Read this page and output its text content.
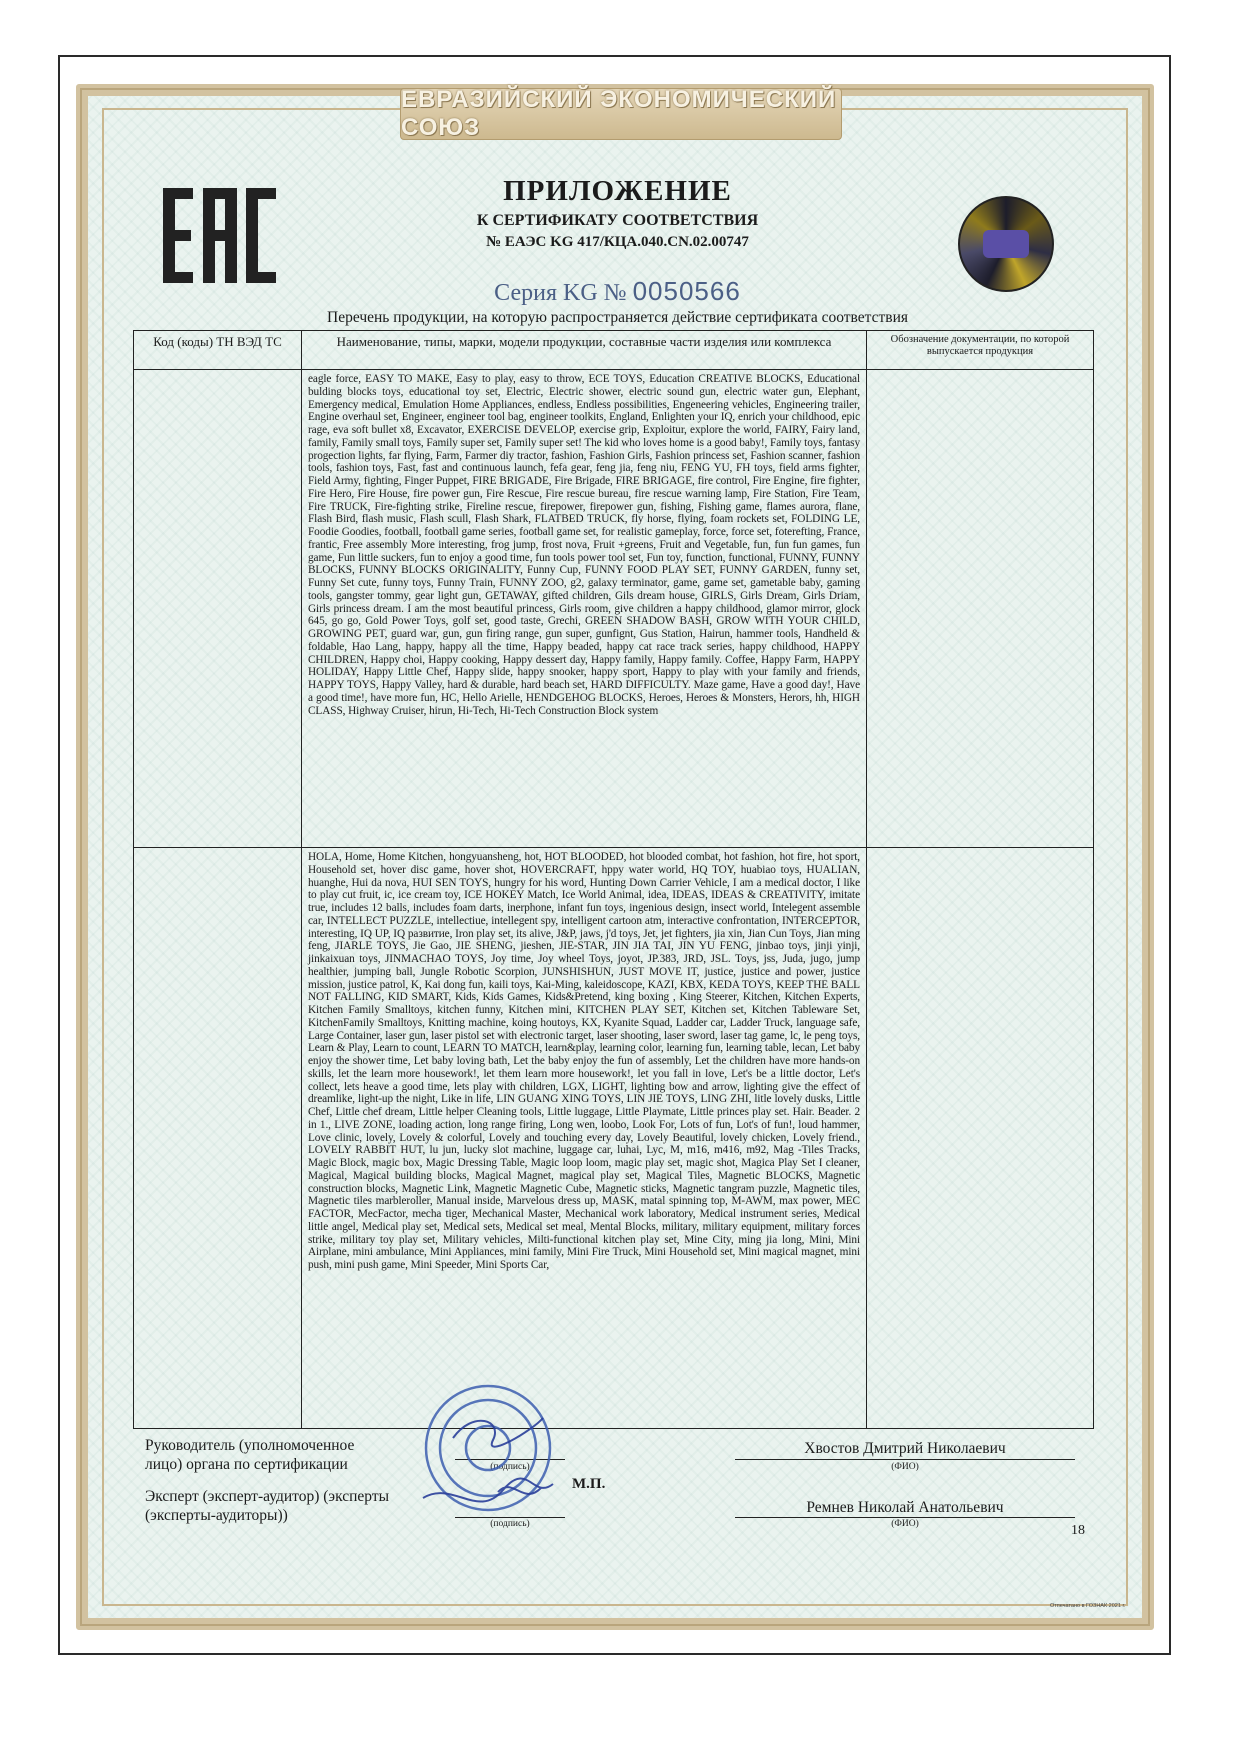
ЕВРАЗИЙСКИЙ ЭКОНОМИЧЕСКИЙ СОЮЗ
ПРИЛОЖЕНИЕ
К СЕРТИФИКАТУ СООТВЕТСТВИЯ
№ ЕАЭС KG 417/КЦА.040.CN.02.00747
Серия KG № 0050566
Перечень продукции, на которую распространяется действие сертификата соответствия
Код (коды) ТН ВЭД ТС	Наименование, типы, марки, модели продукции, составные части изделия или комплекса	Обозначение документации, по которой выпускается продукция
	eagle force, EASY TO MAKE, Easy to play, easy to throw, ECE TOYS, Education CREATIVE BLOCKS, Educational bulding blocks toys, educational toy set, Electric, Electric shower, electric sound gun, electric water gun, Elephant, Emergency medical, Emulation Home Appliances, endless, Endless possibilities, Engeneering vehicles, Engineering trailer, Engine overhaul set, Engineer, engineer tool bag, engineer toolkits, England, Enlighten your IQ, enrich your childhood, epic rage, eva soft bullet x8, Excavator, EXERCISE DEVELOP, exercise grip, Exploitur, explore the world, FAIRY, Fairy land, family, Family small toys, Family super set, Family super set! The kid who loves home is a good baby!, Family toys, fantasy progection lights, far flying, Farm, Farmer diy tractor, fashion, Fashion Girls, Fashion princess set, Fashion scanner, fashion tools, fashion toys, Fast, fast and continuous launch, fefa gear, feng jia, feng niu, FENG YU, FH toys, field arms fighter, Field Army, fighting, Finger Puppet, FIRE BRIGADE, Fire Brigade, FIRE BRIGAGE, fire control, Fire Engine, fire fighter, Fire Hero, Fire House, fire power gun, Fire Rescue, Fire rescue bureau, fire rescue warning lamp, Fire Station, Fire Team, Fire TRUCK, Fire-fighting strike, Fireline rescue, firepower, firepower gun, fishing, Fishing game, flames aurora, flane, Flash Bird, flash music, Flash scull, Flash Shark, FLATBED TRUCK, fly horse, flying, foam rockets set, FOLDING LE, Foodie Goodies, football, football game series, football game set, for realistic gameplay, force, force set, foterefting, France, frantic, Free assembly More interesting, frog jump, frost nova, Fruit +greens, Fruit and Vegetable, fun, fun fun games, fun game, Fun little suckers, fun to enjoy a good time, fun tools power tool set, Fun toy, function, functional, FUNNY, FUNNY BLOCKS, FUNNY BLOCKS ORIGINALITY, Funny Cup, FUNNY FOOD PLAY SET, FUNNY GARDEN, funny set, Funny Set cute, funny toys, Funny Train, FUNNY ZOO, g2, galaxy terminator, game, game set, gametable baby, gaming tools, gangster tommy, gear light gun, GETAWAY, gifted children, Gils dream house, GIRLS, Girls Dream, Girls Driam, Girls princess dream. I am the most beautiful princess, Girls room, give children a happy childhood, glamor mirror, glock 645, go go, Gold Power Toys, golf set, good taste, Grechi, GREEN SHADOW BASH, GROW WITH YOUR CHILD, GROWING PET, guard war, gun, gun firing range, gun super, gunfignt, Gus Station, Hairun, hammer tools, Handheld & foldable, Hao Lang, happy, happy all the time, Happy beaded, happy cat race track series, happy childhood, HAPPY CHILDREN, Happy choi, Happy cooking, Happy dessert day, Happy family, Happy family. Coffee, Happy Farm, HAPPY HOLIDAY, Happy Little Chef, Happy slide, happy snooker, happy sport, Happy to play with your family and friends, HAPPY TOYS, Happy Valley, hard & durable, hard beach set, HARD DIFFICULTY. Maze game, Have a good day!, Have a good time!, have more fun, HC, Hello Arielle, HENDGEHOG BLOCKS, Heroes, Heroes & Monsters, Herors, hh, HIGH CLASS, Highway Cruiser, hirun, Hi-Tech, Hi-Tech Construction Block system	
	HOLA, Home, Home Kitchen, hongyuansheng, hot, HOT BLOODED, hot blooded combat, hot fashion, hot fire, hot sport, Household set, hover disc game, hover shot, HOVERCRAFT, hppy water world, HQ TOY, huabiao toys, HUALIAN, huanghe, Hui da nova, HUI SEN TOYS, hungry for his word, Hunting Down Carrier Vehicle, I am a medical doctor, I like to play cut fruit, ic, ice cream toy, ICE HOKEY Match, Ice World Animal, idea, IDEAS, IDEAS & CREATIVITY, imitate true, includes 12 balls, includes foam darts, inerphone, infant fun toys, ingenious design, insect world, Intelegent assemble car, INTELLECT PUZZLE, intellectiue, intellegent spy, intelligent cartoon atm, interactive confrontation, INTERCEPTOR, interesting, IQ UP, IQ развитие, Iron play set, its alive, J&P, jaws, j'd toys, Jet, jet fighters, jia xin, Jian Cun Toys, Jian ming feng, JIARLE TOYS, Jie Gao, JIE SHENG, jieshen, JIE-STAR, JIN JIA TAI, JIN YU FENG, jinbao toys, jinji yinji, jinkaixuan toys, JINMACHAO TOYS, Joy time, Joy wheel Toys, joyot, JP.383, JRD, JSL. Toys, jss, Juda, jugo, jump healthier, jumping ball, Jungle Robotic Scorpion, JUNSHISHUN, JUST MOVE IT, justice, justice and power, justice mission, justice patrol, K, Kai dong fun, kaili toys, Kai-Ming, kaleidoscope, KAZI, KBX, KEDA TOYS, KEEP THE BALL NOT FALLING, KID SMART, Kids, Kids Games, Kids&Pretend, king boxing , King Steerer, Kitchen, Kitchen Experts, Kitchen Family Smalltoys, kitchen funny, Kitchen mini, KITCHEN PLAY SET, Kitchen set, Kitchen Tableware Set, KitchenFamily Smalltoys, Knitting machine, koing houtoys, KX, Kyanite Squad, Ladder car, Ladder Truck, language safe, Large Container, laser gun, laser pistol set with electronic target, laser shooting, laser sword, laser tag game, lc, le peng toys, Learn & Play, Learn to count, LEARN TO MATCH, learn&play, learning color, learning fun, learning table, lecan, Let baby enjoy the shower time, Let baby loving bath, Let the baby enjoy the fun of assembly, Let the children have more hands-on skills, let the learn more housework!, let them learn more housework!, let you fall in love, Let's be a little doctor, Let's collect, lets heave a good time, lets play with children, LGX, LIGHT, lighting bow and arrow, lighting give the effect of dreamlike, light-up the night, Like in life, LIN GUANG XING TOYS, LIN JIE TOYS, LING ZHI, litle lovely dusks, Little Chef, Little chef dream, Little helper Cleaning tools, Little luggage, Little Playmate, Little princes play set. Hair. Beader. 2 in 1., LIVE ZONE, loading action, long range firing, Long wen, loobo, Look For, Lots of fun, Lot's of fun!, loud hammer, Love clinic, lovely, Lovely & colorful, Lovely and touching every day, Lovely Beautiful, lovely chicken, Lovely friend., LOVELY RABBIT HUT, lu jun, lucky slot machine, luggage car, luhai, Lyc, M, m16, m416, m92, Mag -Tiles Tracks, Magic Block, magic box, Magic Dressing Table, Magic loop loom, magic play set, magic shot, Magica Play Set I cleaner, Magical, Magical building blocks, Magical Magnet, magical play set, Magical Tiles, Magnetic BLOCKS, Magnetic construction blocks, Magnetic Link, Magnetic Magnetic Cube, Magnetic sticks, Magnetic tangram puzzle, Magnetic tiles, Magnetic tiles marbleroller, Manual inside, Marvelous dress up, MASK, matal spinning top, M-AWM, max power, MEC FACTOR, MecFactor, mecha tiger, Mechanical Master, Mechanical work laboratory, Medical instrument series, Medical little angel, Medical play set, Medical sets, Medical set meal, Mental Blocks, military, military equipment, military forces strike, military toy play set, Military vehicles, Milti-functional kitchen play set, Mine City, ming jia long, Mini, Mini Airplane, mini ambulance, Mini Appliances, mini family, Mini Fire Truck, Mini Household set, Mini magical magnet, mini push, mini push game, Mini Speeder, Mini Sports Car,	
Руководитель (уполномоченное лицо) органа по сертификации	(подпись)
Хвостов Дмитрий Николаевич
(ФИО)
М.П.
Эксперт (эксперт-аудитор) (эксперты (эксперты-аудиторы))	(подпись)
Ремнев Николай Анатольевич
(ФИО)	18
Отпечатано в ГОЗНАК 2021 г.
